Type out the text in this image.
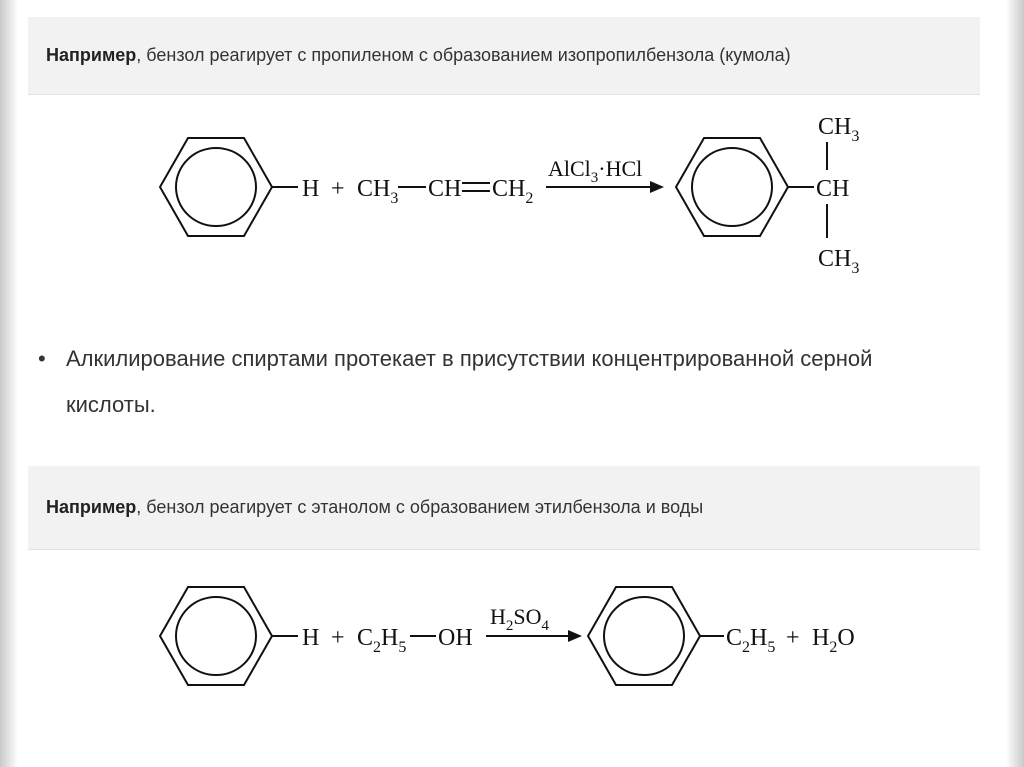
Например, бензол реагирует с пропиленом с образованием изопропилбензола (кумола)
$H + CH_3$ CH $CH_2$
AlCl$_3$·HCl
$CH_3$
CH
$CH_3$
• Алкилирование спиртами протекает в присутствии концентрированной серной
кислоты.
Например, бензол реагирует с этанолом с образованием этилбензола и воды
$H + C_2H_5$ OH
$H_2SO_4$	$C_2H_5 + H_2O$
